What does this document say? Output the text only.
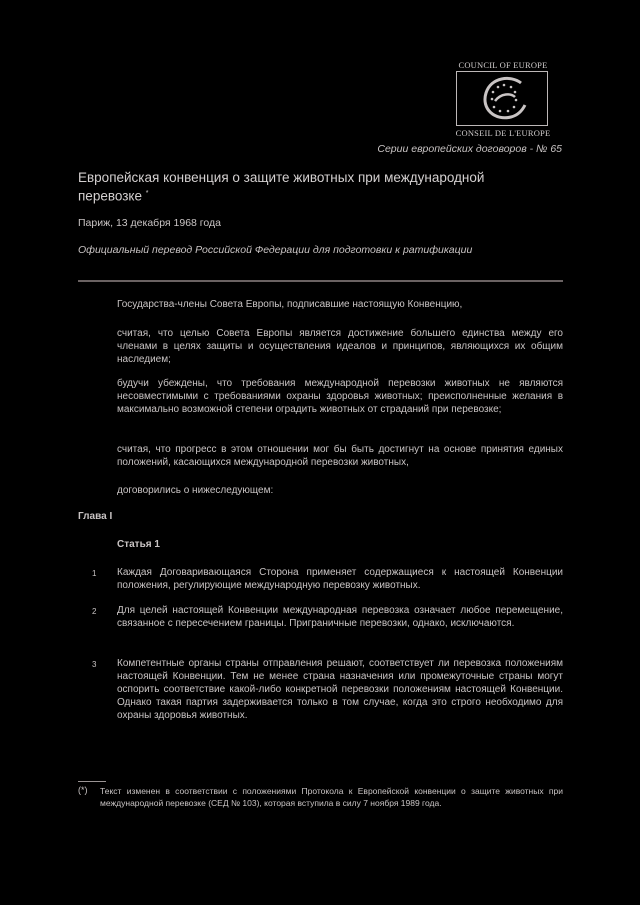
COUNCIL OF EUROPE
CONSEIL DE L'EUROPE
Серии европейских договоров - № 65
Европейская конвенция о защите животных при международной перевозке *
Париж, 13 декабря 1968 года
Официальный перевод Российской Федерации для подготовки к ратификации

Государства-члены Совета Европы, подписавшие настоящую Конвенцию,

считая, что целью Совета Европы является достижение большего единства между его членами в целях защиты и осуществления идеалов и принципов, являющихся их общим наследием;

будучи убеждены, что требования международной перевозки животных не являются несовместимыми с требованиями охраны здоровья животных; преисполненные желания в максимально возможной степени оградить животных от страданий при перевозке;

считая, что прогресс в этом отношении мог бы быть достигнут на основе принятия единых положений, касающихся международной перевозки животных,

договорились о нижеследующем:

Глава I
Статья 1
1 Каждая Договаривающаяся Сторона применяет содержащиеся к настоящей Конвенции положения, регулирующие международную перевозку животных.

2 Для целей настоящей Конвенции международная перевозка означает любое перемещение, связанное с пересечением границы. Приграничные перевозки, однако, исключаются.

3 Компетентные органы страны отправления решают, соответствует ли перевозка положениям настоящей Конвенции. Тем не менее страна назначения или промежуточные страны могут оспорить соответствие какой-либо конкретной перевозки положениям настоящей Конвенции. Однако такая партия задерживается только в том случае, когда это строго необходимо для охраны здоровья животных.

(*) Текст изменен в соответствии с положениями Протокола к Европейской конвенции о защите животных при международной перевозке (СЕД № 103), которая вступила в силу 7 ноября 1989 года.
